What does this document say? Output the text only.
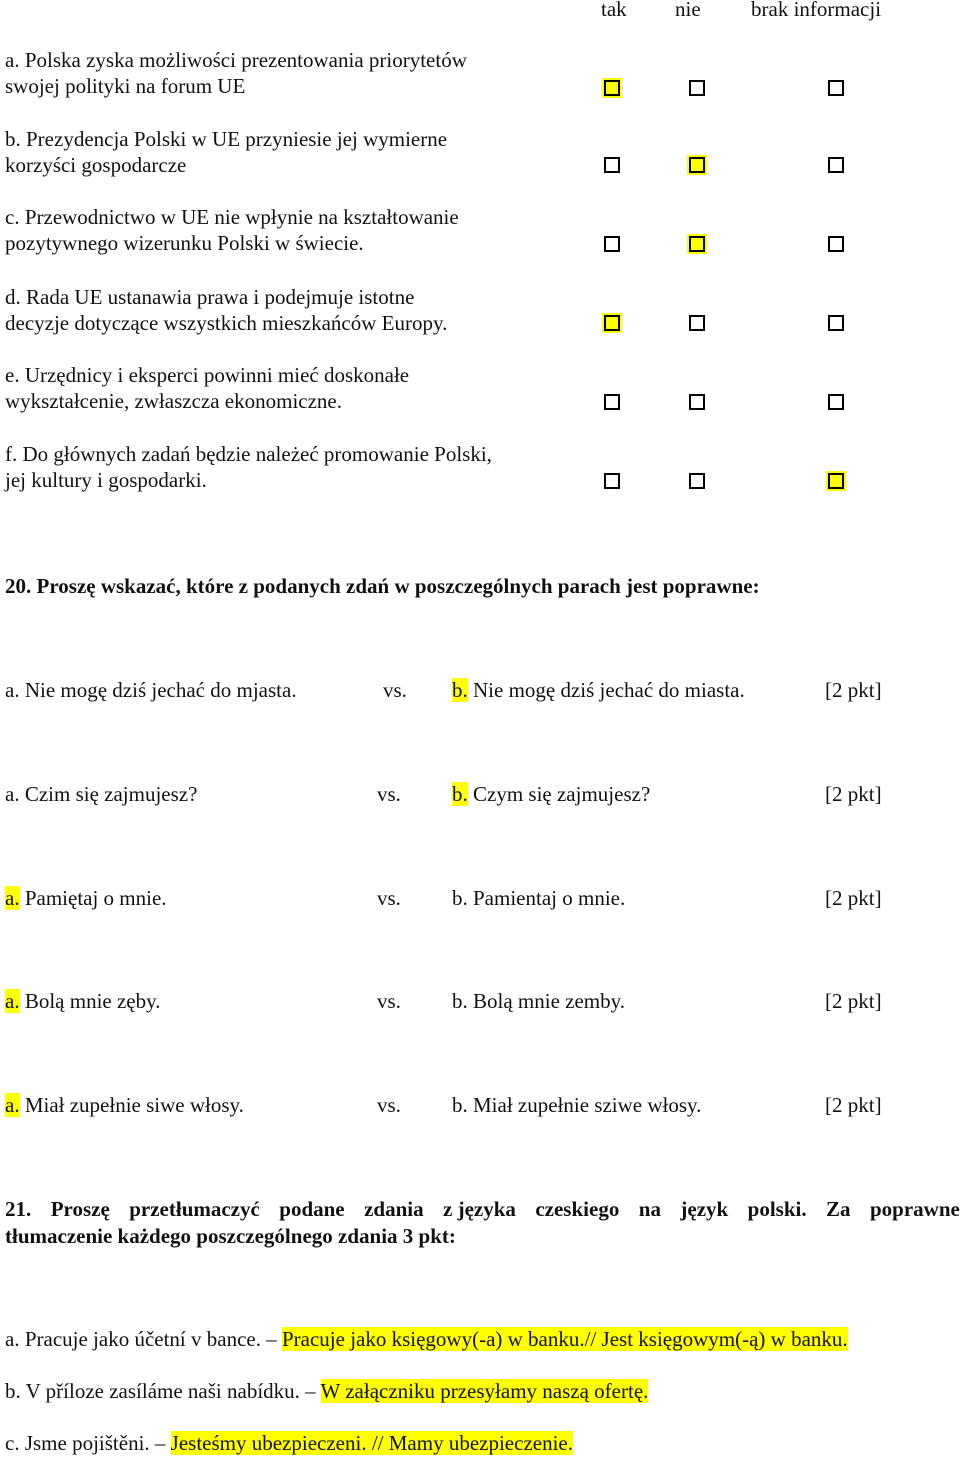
tak nie brak informacji
a. Polska zyska możliwości prezentowania priorytetów
swojej polityki na forum UE
b. Prezydencja Polski w UE przyniesie jej wymierne
korzyści gospodarcze
c. Przewodnictwo w UE nie wpłynie na kształtowanie
pozytywnego wizerunku Polski w świecie.
d. Rada UE ustanawia prawa i podejmuje istotne
decyzje dotyczące wszystkich mieszkańców Europy.
e. Urzędnicy i eksperci powinni mieć doskonałe
wykształcenie, zwłaszcza ekonomiczne.
f. Do głównych zadań będzie należeć promowanie Polski,
jej kultury i gospodarki.
20. Proszę wskazać, które z podanych zdań w poszczególnych parach jest poprawne:
a. Nie mogę dziś jechać do mjasta.	vs. b. Nie mogę dziś jechać do miasta.	[2 pkt]
a. Czim się zajmujesz?	vs. b. Czym się zajmujesz?	[2 pkt]
a. Pamiętaj o mnie.	vs. b. Pamientaj o mnie.	[2 pkt]
a. Bolą mnie zęby.	vs. b. Bolą mnie zemby.	[2 pkt]
a. Miał zupełnie siwe włosy.	vs. b. Miał zupełnie sziwe włosy.	[2 pkt]
21. Proszę przetłumaczyć podane zdania z języka czeskiego na język polski. Za poprawne
tłumaczenie każdego poszczególnego zdania 3 pkt:
a. Pracuje jako účetní v bance. – Pracuje jako księgowy(-a) w banku.// Jest księgowym(-ą) w banku.
b. V příloze zasíláme naši nabídku. – W załączniku przesyłamy naszą ofertę.
c. Jsme pojištěni. – Jesteśmy ubezpieczeni. // Mamy ubezpieczenie.
